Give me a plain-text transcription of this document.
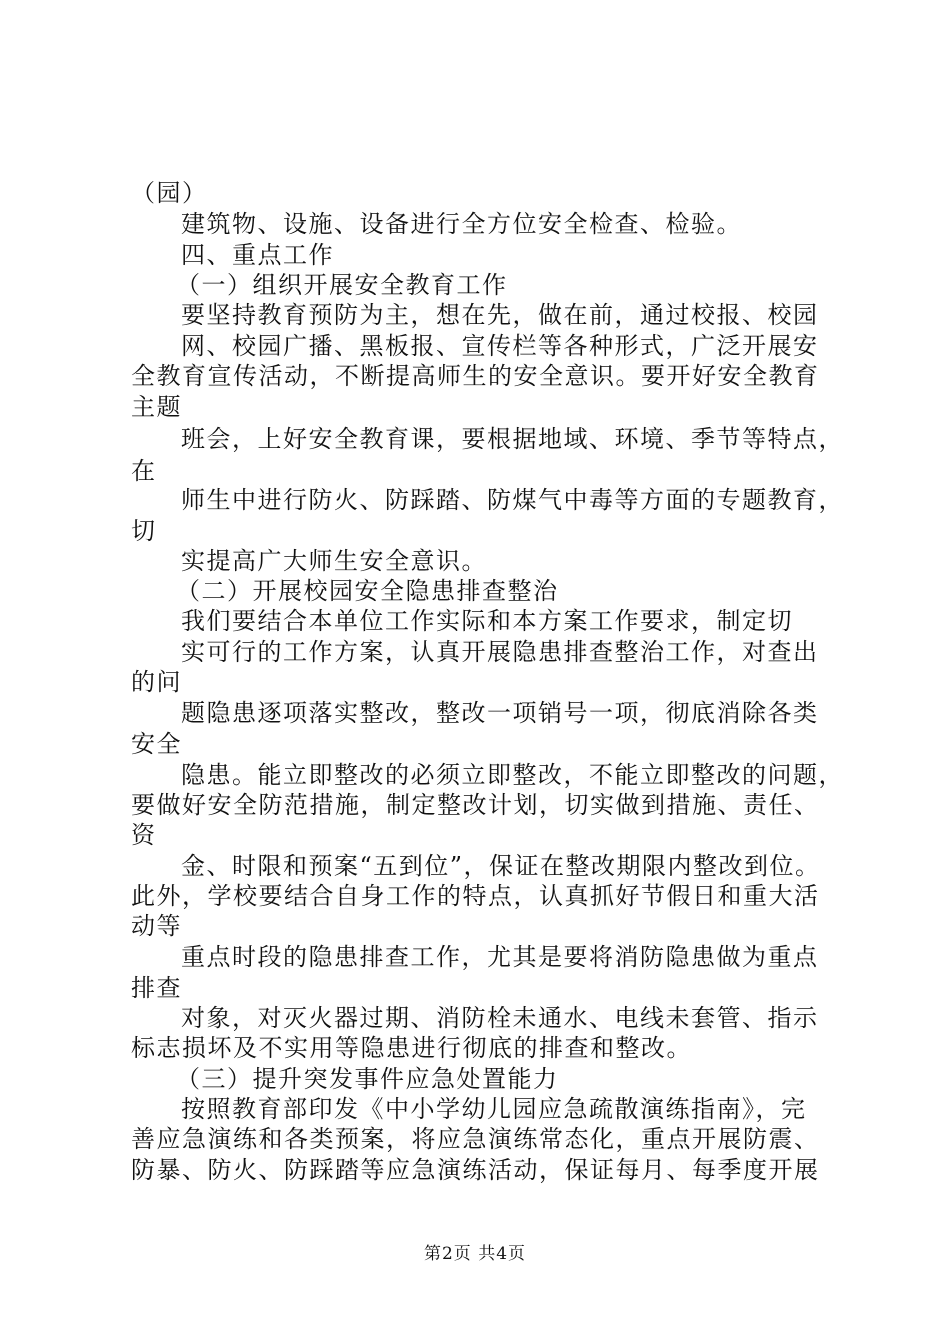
（园）
建筑物、设施、设备进行全方位安全检查、检验。
四、重点工作
（一）组织开展安全教育工作
要坚持教育预防为主，想在先，做在前，通过校报、校园
网、校园广播、黑板报、宣传栏等各种形式，广泛开展安
全教育宣传活动，不断提高师生的安全意识。要开好安全教育
主题
班会，上好安全教育课，要根据地域、环境、季节等特点，
在
师生中进行防火、防踩踏、防煤气中毒等方面的专题教育，
切
实提高广大师生安全意识。
（二）开展校园安全隐患排查整治
我们要结合本单位工作实际和本方案工作要求，制定切
实可行的工作方案，认真开展隐患排查整治工作，对查出
的问
题隐患逐项落实整改，整改一项销号一项，彻底消除各类
安全
隐患。能立即整改的必须立即整改，不能立即整改的问题，
要做好安全防范措施，制定整改计划，切实做到措施、责任、
资
金、时限和预案“五到位”，保证在整改期限内整改到位。
此外，学校要结合自身工作的特点，认真抓好节假日和重大活
动等
重点时段的隐患排查工作，尤其是要将消防隐患做为重点
排查
对象，对灭火器过期、消防栓未通水、电线未套管、指示
标志损坏及不实用等隐患进行彻底的排查和整改。
（三）提升突发事件应急处置能力
按照教育部印发《中小学幼儿园应急疏散演练指南》，完
善应急演练和各类预案，将应急演练常态化，重点开展防震、
防暴、防火、防踩踏等应急演练活动，保证每月、每季度开展
第2页 共4页
